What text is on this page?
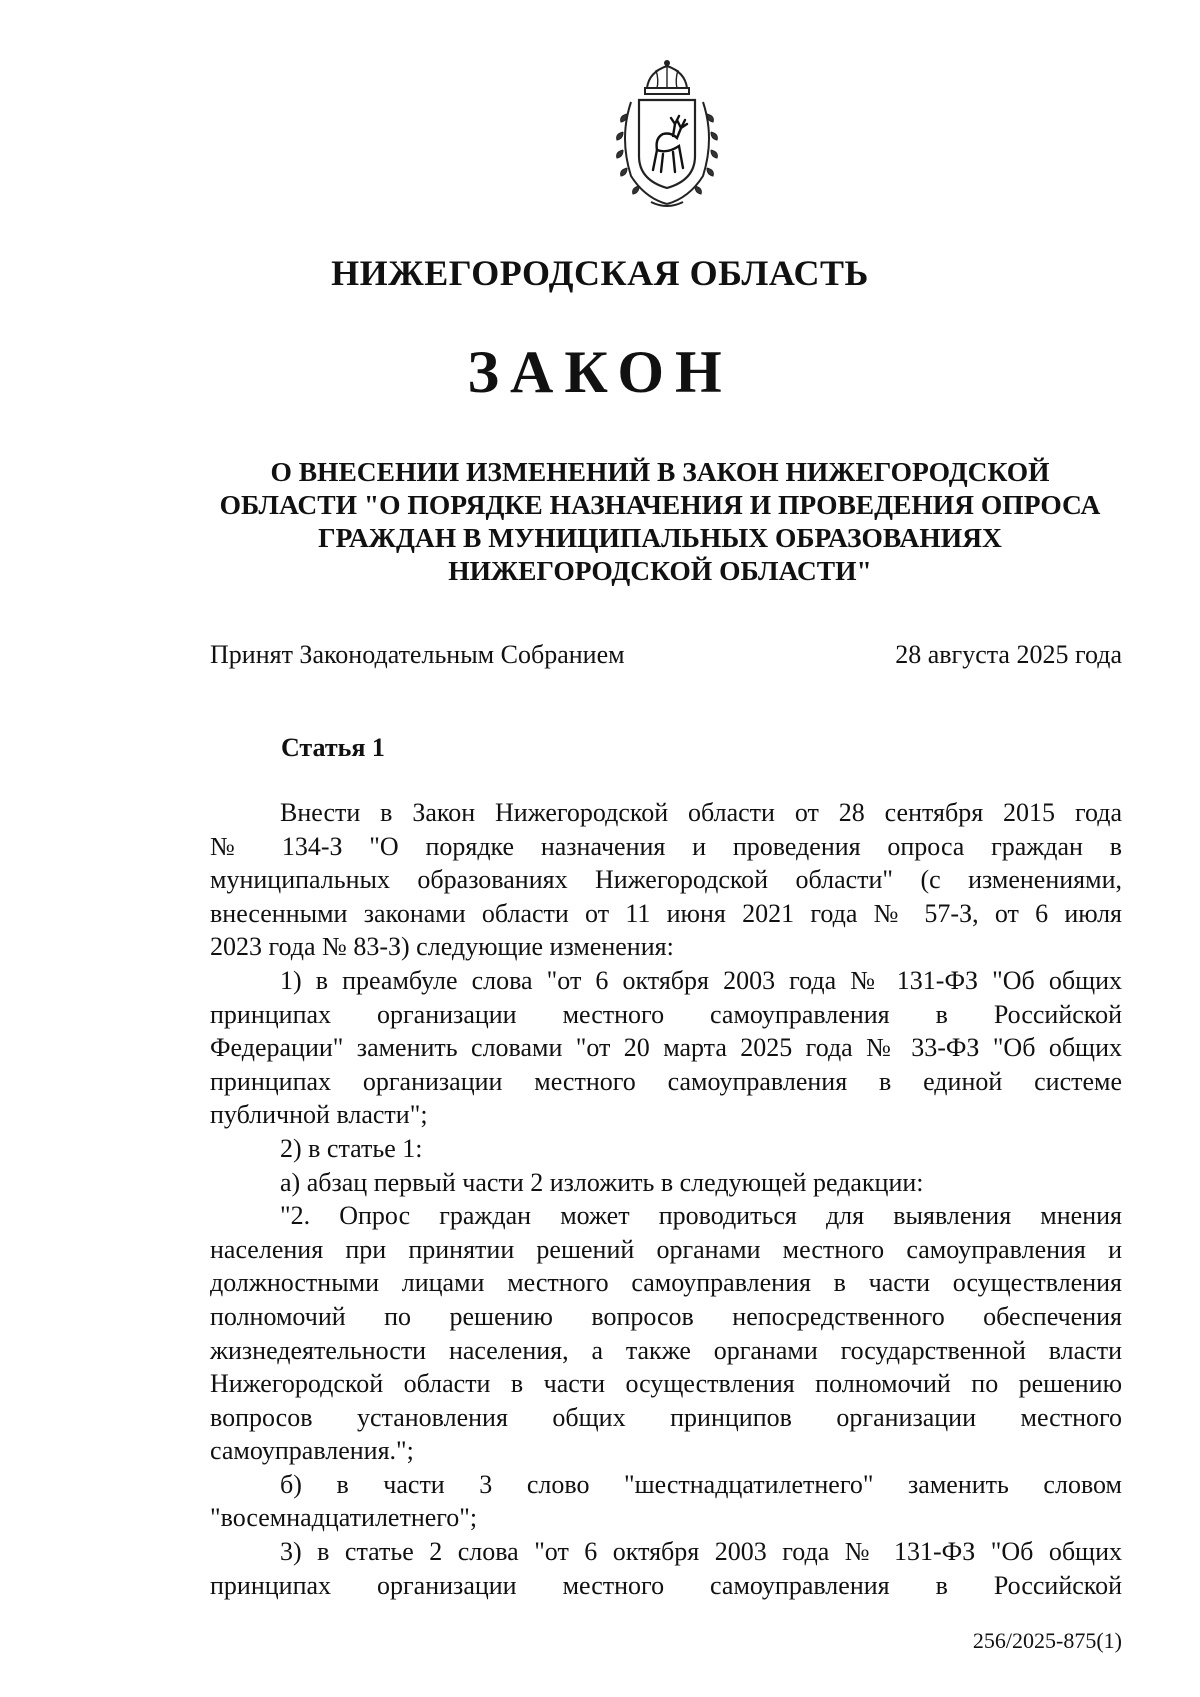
НИЖЕГОРОДСКАЯ ОБЛАСТЬ
ЗАКОН
О ВНЕСЕНИИ ИЗМЕНЕНИЙ В ЗАКОН НИЖЕГОРОДСКОЙ
ОБЛАСТИ "О ПОРЯДКЕ НАЗНАЧЕНИЯ И ПРОВЕДЕНИЯ ОПРОСА
ГРАЖДАН В МУНИЦИПАЛЬНЫХ ОБРАЗОВАНИЯХ
НИЖЕГОРОДСКОЙ ОБЛАСТИ"
Принят Законодательным Собранием	28 августа 2025 года
Статья 1
Внести в Закон Нижегородской области от 28 сентября 2015 года
№ 134-З "О порядке назначения и проведения опроса граждан в
муниципальных образованиях Нижегородской области" (с изменениями,
внесенными законами области от 11 июня 2021 года № 57-З, от 6 июля
2023 года № 83-З) следующие изменения:
1) в преамбуле слова "от 6 октября 2003 года № 131-ФЗ "Об общих
принципах организации местного самоуправления в Российской
Федерации" заменить словами "от 20 марта 2025 года № 33-ФЗ "Об общих
принципах организации местного самоуправления в единой системе
публичной власти";
2) в статье 1:
а) абзац первый части 2 изложить в следующей редакции:
"2. Опрос граждан может проводиться для выявления мнения
населения при принятии решений органами местного самоуправления и
должностными лицами местного самоуправления в части осуществления
полномочий по решению вопросов непосредственного обеспечения
жизнедеятельности населения, а также органами государственной власти
Нижегородской области в части осуществления полномочий по решению
вопросов установления общих принципов организации местного
самоуправления.";
б) в части 3 слово "шестнадцатилетнего" заменить словом
"восемнадцатилетнего";
3) в статье 2 слова "от 6 октября 2003 года № 131-ФЗ "Об общих
принципах организации местного самоуправления в Российской
256/2025-875(1)
